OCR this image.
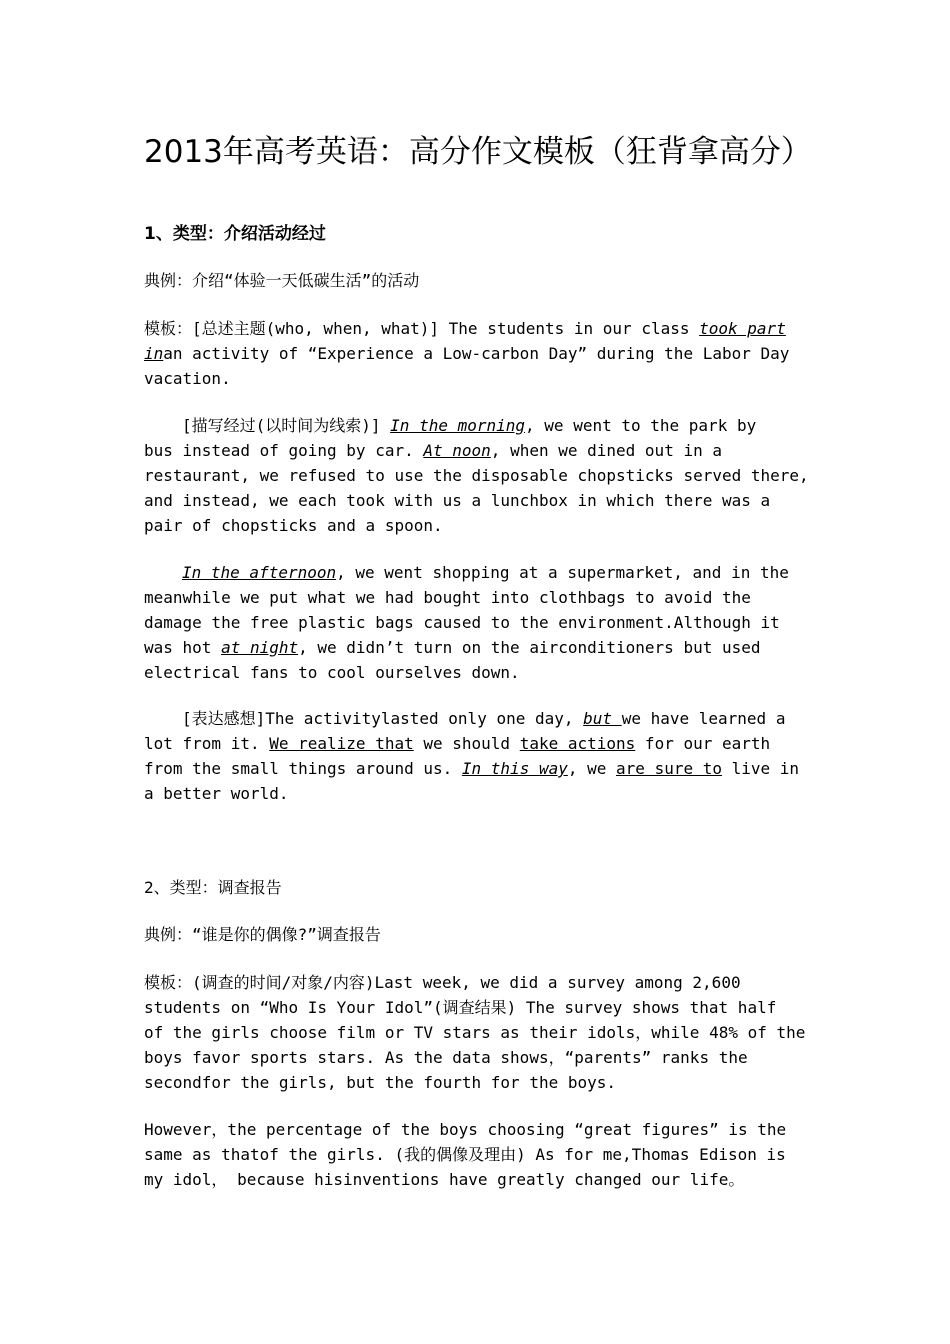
2013年高考英语：高分作文模板（狂背拿高分）
1、类型：介绍活动经过

典例：介绍“体验一天低碳生活”的活动

模板：[总述主题(who, when, what)] The students in our class took part
inan activity of “Experience a Low-carbon Day” during the Labor Day
vacation.

[描写经过(以时间为线索)] In the morning, we went to the park by
bus instead of going by car. At noon, when we dined out in a
restaurant, we refused to use the disposable chopsticks served there,
and instead, we each took with us a lunchbox in which there was a
pair of chopsticks and a spoon.

In the afternoon, we went shopping at a supermarket, and in the
meanwhile we put what we had bought into clothbags to avoid the
damage the free plastic bags caused to the environment.Although it
was hot at night, we didn’t turn on the airconditioners but used
electrical fans to cool ourselves down.

[表达感想]The activitylasted only one day, but we have learned a
lot from it. We realize that we should take actions for our earth
from the small things around us. In this way, we are sure to live in
a better world.

2、类型：调查报告

典例：“谁是你的偶像?”调查报告

模板：(调查的时间/对象/内容)Last week, we did a survey among 2,600
students on “Who Is Your Idol”(调查结果) The survey shows that half
of the girls choose film or TV stars as their idols，while 48% of the
boys favor sports stars. As the data shows，“parents” ranks the
secondfor the girls, but the fourth for the boys.

However，the percentage of the boys choosing “great figures” is the
same as thatof the girls. (我的偶像及理由) As for me,Thomas Edison is
my idol， because hisinventions have greatly changed our life。
